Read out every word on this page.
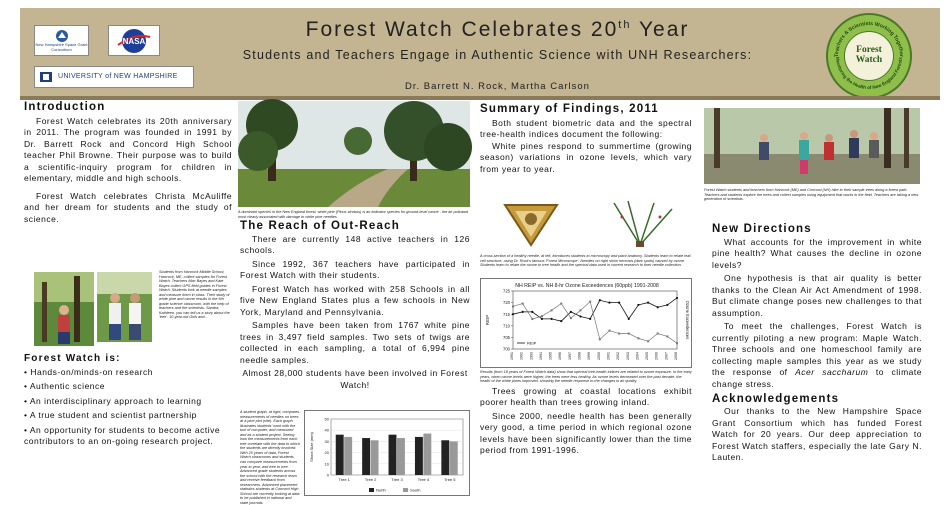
New Hampshire Space Grant Consortium
NASA
UNIVERSITY of NEW HAMPSHIRE
Forest Watch Celebrates 20th Year
Students and Teachers Engage in Authentic Science with UNH Researchers:
Dr. Barrett N. Rock, Martha Carlson
Teachers & Scientists Working Together
Monitoring the Health of New England Forests
Forest Watch
Introduction

Forest Watch celebrates its 20th anniversary in 2011. The program was founded in 1991 by Dr. Barrett Rock and Concord High School teacher Phil Browne. Their purpose was to build a scientific-inquiry program for children in elementary, middle and high schools.

Forest Watch celebrates Christa McAuliffe and her dream for students and the study of science.

Students from Hancock Middle School, Hancock, ME, collect samples for Forest Watch. Teachers Mac Bayes and Kate Bayes collect GPS field guides in Forest Watch. Students look at needle samples and measure them in class. Their study of white pine and ozone results in the 6th grade science classroom, with the help of teachers and the scientists. Sandra, Kathleen, you can tell us a story about the 'tree'. 10-year-old Girls and...
Forest Watch is:
• Hands-on/minds-on research
• Authentic science
• An interdisciplinary approach to learning
• A true student and scientist partnership
• An opportunity for students to become active contributors to an on-going research project.
A dominant species in the New England forest, white pine (Pinus strobus) is an indicator species for ground-level ozone - the air pollutant most clearly associated with damage to white pine needles.
The Reach of Out-Reach

There are currently 148 active teachers in 126 schools.

Since 1992, 367 teachers have participated in Forest Watch with their students.

Forest Watch has worked with 258 Schools in all five New England States plus a few schools in New York, Maryland and Pennsylvania.

Samples have been taken from 1767 white pine trees in 3,497 field samples. Two sets of twigs are collected in each sampling, a total of 6,994 pine needle samples.

Almost 28,000 students have been involved in Forest Watch!

A student graph, at right, compares measurements of needles on trees at a pine plot (site). Each graph illustrates students' work with the tool of computer, and measured and as a student project. Seeing how the measurements from each tree correlate with the data to which the students are directly involved. With 20 years of data, Forest Watch classrooms and students can compare measurements from year to year, and tree to tree. Advanced grade students across the school with the research team and receive feedback from researchers. Advanced placement statistics students at Concord High School are currently looking at data to be published in national and state journals.
0
10
20
30
40
50
Shoot Size (mm)
Tree 1	Tree 2	Tree 3	Tree 4	Tree 5
North	South
Summary of Findings, 2011

Both student biometric data and the spectral tree-health indices document the following:

White pines respond to summertime (growing season) variations in ozone levels, which vary from year to year.

A cross-section of a healthy needle, at left, introduces students to microscopy and plant anatomy. Students learn to relate leaf-cell structure, using Dr. Rock's famous 'Forest Microscope'. Needles on right show necrosis (dark spots) caused by ozone. Students learn to relate the ozone to tree health and the spectral data used in current research to their needle collection.
NH REIP vs. NH 8-hr Ozone Exceedences (60ppb) 1991-2008
700
705
710
715
720
725
REIP	Ozone Exceedences
1991 1992 1993 1994 1995 1996 1997 1998 1999 2000 2001 2002 2003 2004 2005 2006 2007 2008
REIP
Results (from 18 years of Forest Watch data) show that spectral tree-health indices are related to ozone exposure. In the early years, when ozone levels were higher, the trees were less healthy. As ozone levels decreased over the past decade, the health of the white pines improved, showing the needle response to the changes in air quality.

Trees growing at coastal locations exhibit poorer health than trees growing inland.

Since 2000, needle health has been generally very good, a time period in which regional ozone levels have been significantly lower than the time period from 1991-1996.

Forest Watch students and teachers from Hancock (ME) and Concord (NH) hike to their sample trees along a forest path. Teachers and students explore the trees and collect samples using equipment that works in the field. Teachers are taking a new generation of scientists.
New Directions

What accounts for the improvement in white pine health? What causes the decline in ozone levels?

One hypothesis is that air quality is better thanks to the Clean Air Act Amendment of 1998. But climate change poses new challenges to that assumption.

To meet the challenges, Forest Watch is currently piloting a new program: Maple Watch. Three schools and one homeschool family are collecting maple samples this year as we study the response of Acer saccharum to climate change stress.

Acknowledgements

Our thanks to the New Hampshire Space Grant Consortium which has funded Forest Watch for 20 years. Our deep appreciation to Forest Watch staffers, especially the late Gary N. Lauten.
